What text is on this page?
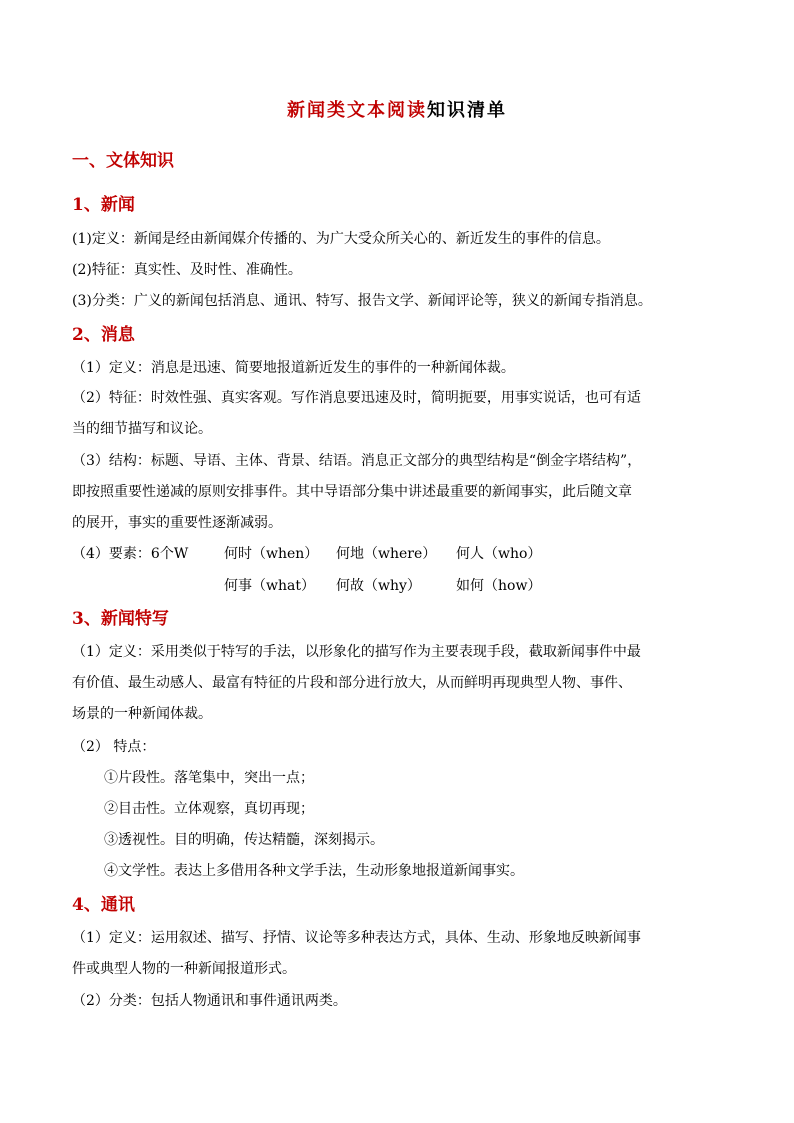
新闻类文本阅读知识清单
一、文体知识
1、新闻
(1)定义：新闻是经由新闻媒介传播的、为广大受众所关心的、新近发生的事件的信息。
(2)特征：真实性、及时性、准确性。
(3)分类：广义的新闻包括消息、通讯、特写、报告文学、新闻评论等，狭义的新闻专指消息。
2、消息
（1）定义：消息是迅速、简要地报道新近发生的事件的一种新闻体裁。
（2）特征：时效性强、真实客观。写作消息要迅速及时，简明扼要，用事实说话，也可有适
当的细节描写和议论。
（3）结构：标题、导语、主体、背景、结语。消息正文部分的典型结构是“倒金字塔结构”，
即按照重要性递减的原则安排事件。其中导语部分集中讲述最重要的新闻事实，此后随文章
的展开，事实的重要性逐渐减弱。
（4）要素：6个W	何时（when） 何地（where） 何人（who）
何事（what） 何故（why）	如何（how）
3、新闻特写
（1）定义：采用类似于特写的手法，以形象化的描写作为主要表现手段，截取新闻事件中最
有价值、最生动感人、最富有特征的片段和部分进行放大，从而鲜明再现典型人物、事件、
场景的一种新闻体裁。
（2） 特点：
①片段性。落笔集中，突出一点；
②目击性。立体观察，真切再现；
③透视性。目的明确，传达精髓，深刻揭示。
④文学性。表达上多借用各种文学手法，生动形象地报道新闻事实。
4、通讯
（1）定义：运用叙述、描写、抒情、议论等多种表达方式，具体、生动、形象地反映新闻事
件或典型人物的一种新闻报道形式。
（2）分类：包括人物通讯和事件通讯两类。
